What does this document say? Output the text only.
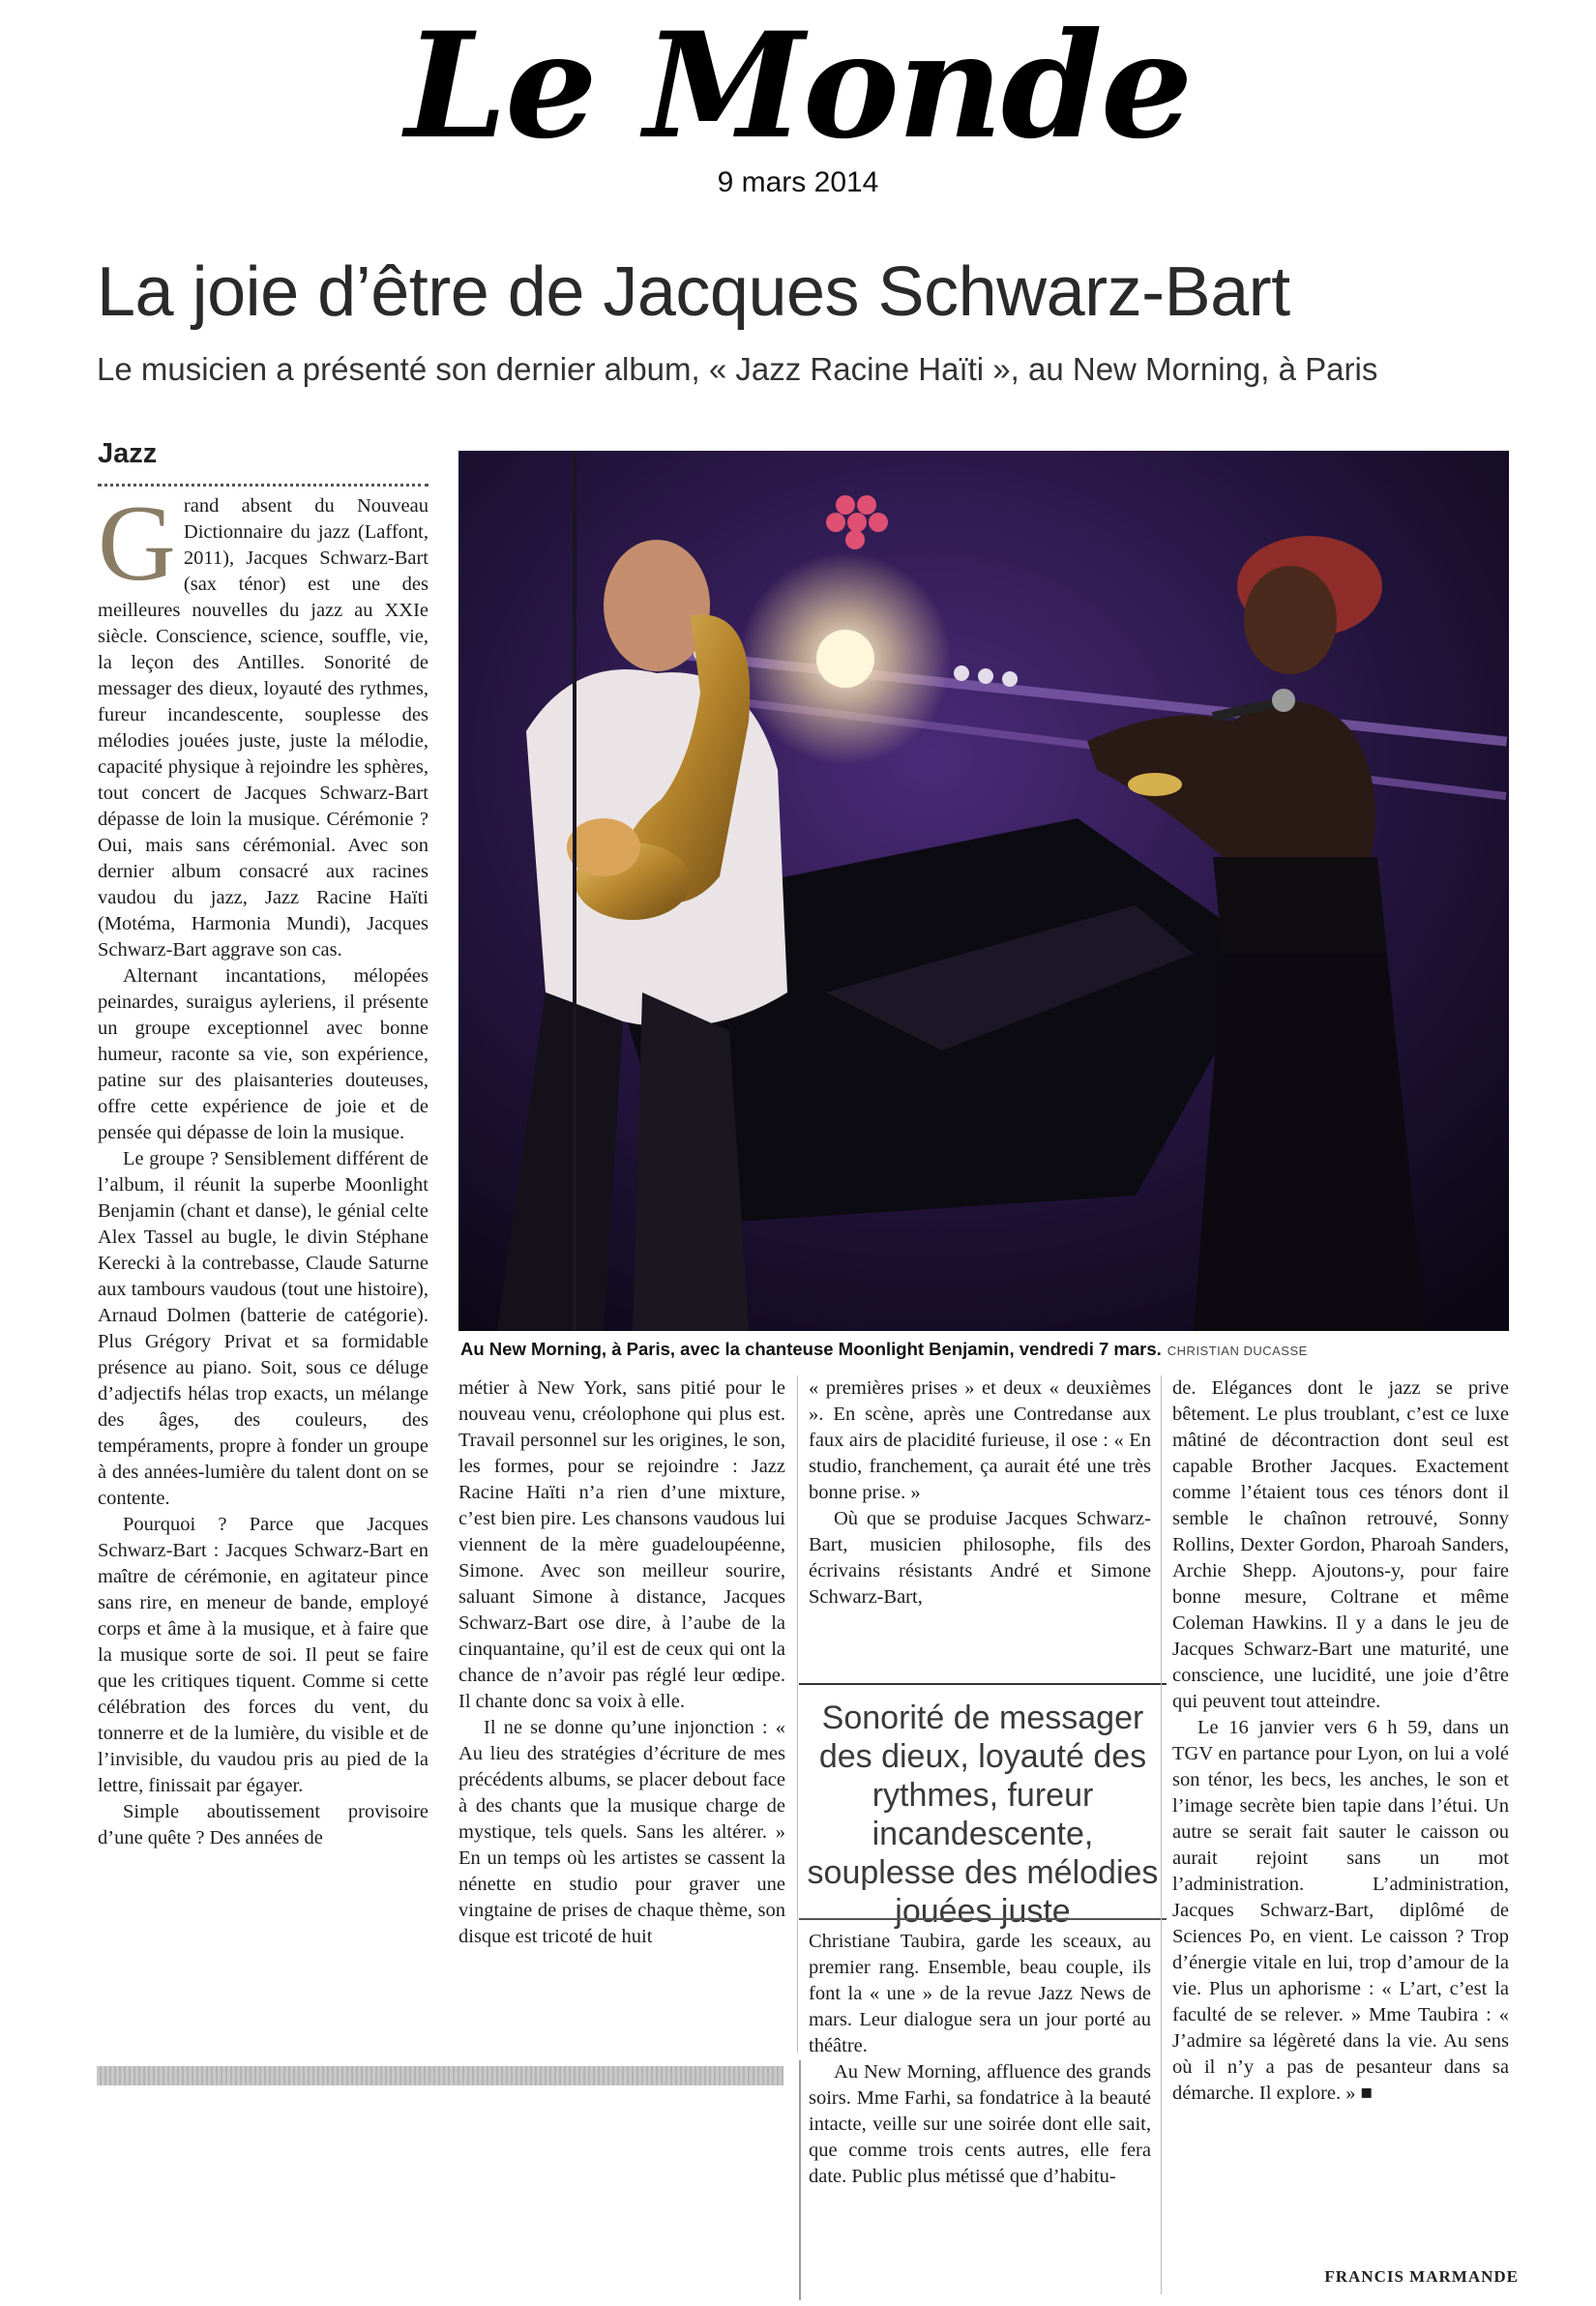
Le Monde
9 mars 2014
La joie d’être de Jacques Schwarz-Bart
Le musicien a présenté son dernier album, « Jazz Racine Haïti », au New Morning, à Paris
Jazz

Grand absent du Nouveau Dictionnaire du jazz (Laffont, 2011), Jacques Schwarz-Bart (sax ténor) est une des meilleures nouvelles du jazz au XXIe siècle. Conscience, science, souffle, vie, la leçon des Antilles. Sonorité de messager des dieux, loyauté des rythmes, fureur incandescente, souplesse des mélodies jouées juste, juste la mélodie, capacité physique à rejoindre les sphères, tout concert de Jacques Schwarz-Bart dépasse de loin la musique. Cérémonie ? Oui, mais sans cérémonial. Avec son dernier album consacré aux racines vaudou du jazz, Jazz Racine Haïti (Motéma, Harmonia Mundi), Jacques Schwarz-Bart aggrave son cas.

Alternant incantations, mélopées peinardes, suraigus ayleriens, il présente un groupe exceptionnel avec bonne humeur, raconte sa vie, son expérience, patine sur des plaisanteries douteuses, offre cette expérience de joie et de pensée qui dépasse de loin la musique.

Le groupe ? Sensiblement différent de l’album, il réunit la superbe Moonlight Benjamin (chant et danse), le génial celte Alex Tassel au bugle, le divin Stéphane Kerecki à la contrebasse, Claude Saturne aux tambours vaudous (tout une histoire), Arnaud Dolmen (batterie de catégorie). Plus Grégory Privat et sa formidable présence au piano. Soit, sous ce déluge d’adjectifs hélas trop exacts, un mélange des âges, des couleurs, des tempéraments, propre à fonder un groupe à des années-lumière du talent dont on se contente.

Pourquoi ? Parce que Jacques Schwarz-Bart : Jacques Schwarz-Bart en maître de cérémonie, en agitateur pince sans rire, en meneur de bande, employé corps et âme à la musique, et à faire que la musique sorte de soi. Il peut se faire que les critiques tiquent. Comme si cette célébration des forces du vent, du tonnerre et de la lumière, du visible et de l’invisible, du vaudou pris au pied de la lettre, finissait par égayer.

Simple aboutissement provisoire d’une quête ? Des années de

Au New Morning, à Paris, avec la chanteuse Moonlight Benjamin, vendredi 7 mars. CHRISTIAN DUCASSE

métier à New York, sans pitié pour le nouveau venu, créolophone qui plus est. Travail personnel sur les origines, le son, les formes, pour se rejoindre : Jazz Racine Haïti n’a rien d’une mixture, c’est bien pire. Les chansons vaudous lui viennent de la mère guadeloupéenne, Simone. Avec son meilleur sourire, saluant Simone à distance, Jacques Schwarz-Bart ose dire, à l’aube de la cinquantaine, qu’il est de ceux qui ont la chance de n’avoir pas réglé leur œdipe. Il chante donc sa voix à elle.

Il ne se donne qu’une injonction : « Au lieu des stratégies d’écriture de mes précédents albums, se placer debout face à des chants que la musique charge de mystique, tels quels. Sans les altérer. » En un temps où les artistes se cassent la nénette en studio pour graver une vingtaine de prises de chaque thème, son disque est tricoté de huit

« premières prises » et deux « deuxièmes ». En scène, après une Contredanse aux faux airs de placidité furieuse, il ose : « En studio, franchement, ça aurait été une très bonne prise. »

Où que se produise Jacques Schwarz-Bart, musicien philosophe, fils des écrivains résistants André et Simone Schwarz-Bart,

Sonorité de messager des dieux, loyauté des rythmes, fureur incandescente, souplesse des mélodies jouées juste

Christiane Taubira, garde les sceaux, au premier rang. Ensemble, beau couple, ils font la « une » de la revue Jazz News de mars. Leur dialogue sera un jour porté au théâtre.

Au New Morning, affluence des grands soirs. Mme Farhi, sa fondatrice à la beauté intacte, veille sur une soirée dont elle sait, que comme trois cents autres, elle fera date. Public plus métissé que d’habitu-

de. Elégances dont le jazz se prive bêtement. Le plus troublant, c’est ce luxe mâtiné de décontraction dont seul est capable Brother Jacques. Exactement comme l’étaient tous ces ténors dont il semble le chaînon retrouvé, Sonny Rollins, Dexter Gordon, Pharoah Sanders, Archie Shepp. Ajoutons-y, pour faire bonne mesure, Coltrane et même Coleman Hawkins. Il y a dans le jeu de Jacques Schwarz-Bart une maturité, une conscience, une lucidité, une joie d’être qui peuvent tout atteindre.

Le 16 janvier vers 6 h 59, dans un TGV en partance pour Lyon, on lui a volé son ténor, les becs, les anches, le son et l’image secrète bien tapie dans l’étui. Un autre se serait fait sauter le caisson ou aurait rejoint sans un mot l’administration. L’administration, Jacques Schwarz-Bart, diplômé de Sciences Po, en vient. Le caisson ? Trop d’énergie vitale en lui, trop d’amour de la vie. Plus un aphorisme : « L’art, c’est la faculté de se relever. » Mme Taubira : « J’admire sa légèreté dans la vie. Au sens où il n’y a pas de pesanteur dans sa démarche. Il explore. » ■

FRANCIS MARMANDE
